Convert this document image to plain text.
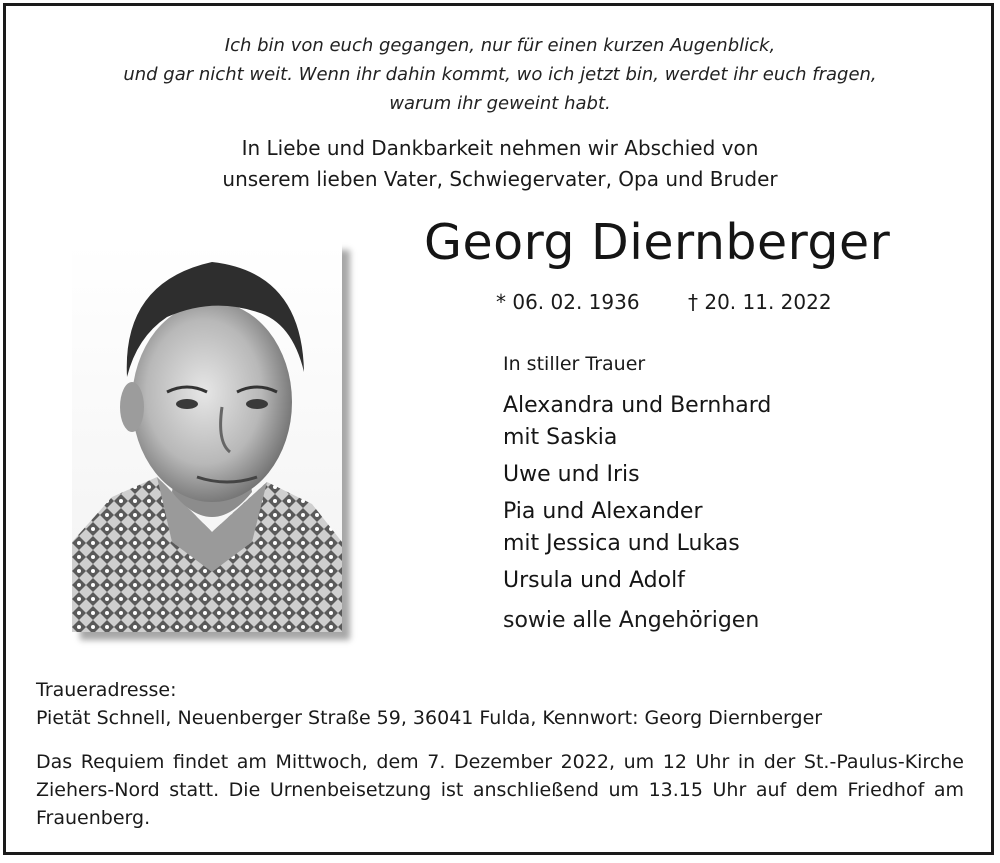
Ich bin von euch gegangen, nur für einen kurzen Augenblick,
und gar nicht weit. Wenn ihr dahin kommt, wo ich jetzt bin, werdet ihr euch fragen,
warum ihr geweint habt.
In Liebe und Dankbarkeit nehmen wir Abschied von
unserem lieben Vater, Schwiegervater, Opa und Bruder
Georg Diernberger
* 06. 02. 1936 † 20. 11. 2022
In stiller Trauer
Alexandra und Bernhard
mit Saskia
Uwe und Iris
Pia und Alexander
mit Jessica und Lukas
Ursula und Adolf
sowie alle Angehörigen
Traueradresse:
Pietät Schnell, Neuenberger Straße 59, 36041 Fulda, Kennwort: Georg Diernberger
Das Requiem findet am Mittwoch, dem 7. Dezember 2022, um 12 Uhr in der St.-Paulus-Kirche Ziehers-Nord statt. Die Urnenbeisetzung ist anschließend um 13.15 Uhr auf dem Friedhof am Frauenberg.
